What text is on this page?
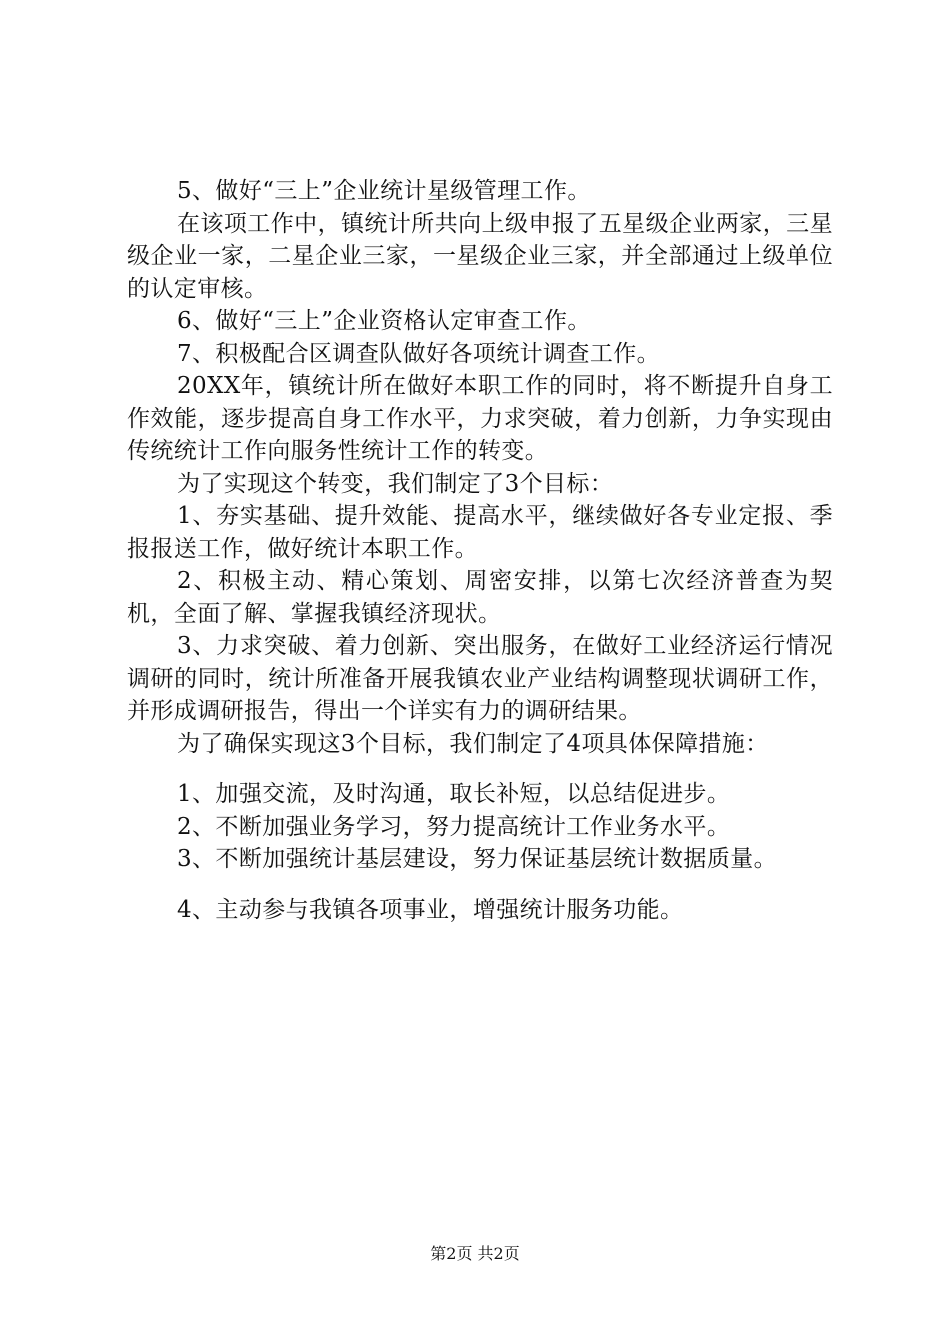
5、做好“三上”企业统计星级管理工作。

在该项工作中，镇统计所共向上级申报了五星级企业两家，三星级企业一家，二星企业三家，一星级企业三家，并全部通过上级单位的认定审核。

6、做好“三上”企业资格认定审查工作。

7、积极配合区调查队做好各项统计调查工作。

20XX年，镇统计所在做好本职工作的同时，将不断提升自身工作效能，逐步提高自身工作水平，力求突破，着力创新，力争实现由传统统计工作向服务性统计工作的转变。

为了实现这个转变，我们制定了3个目标：

1、夯实基础、提升效能、提高水平，继续做好各专业定报、季报报送工作，做好统计本职工作。

2、积极主动、精心策划、周密安排，以第七次经济普查为契机，全面了解、掌握我镇经济现状。

3、力求突破、着力创新、突出服务，在做好工业经济运行情况调研的同时，统计所准备开展我镇农业产业结构调整现状调研工作，并形成调研报告，得出一个详实有力的调研结果。

为了确保实现这3个目标，我们制定了4项具体保障措施：

1、加强交流，及时沟通，取长补短，以总结促进步。

2、不断加强业务学习，努力提高统计工作业务水平。

3、不断加强统计基层建设，努力保证基层统计数据质量。

4、主动参与我镇各项事业，增强统计服务功能。

第2页 共2页
